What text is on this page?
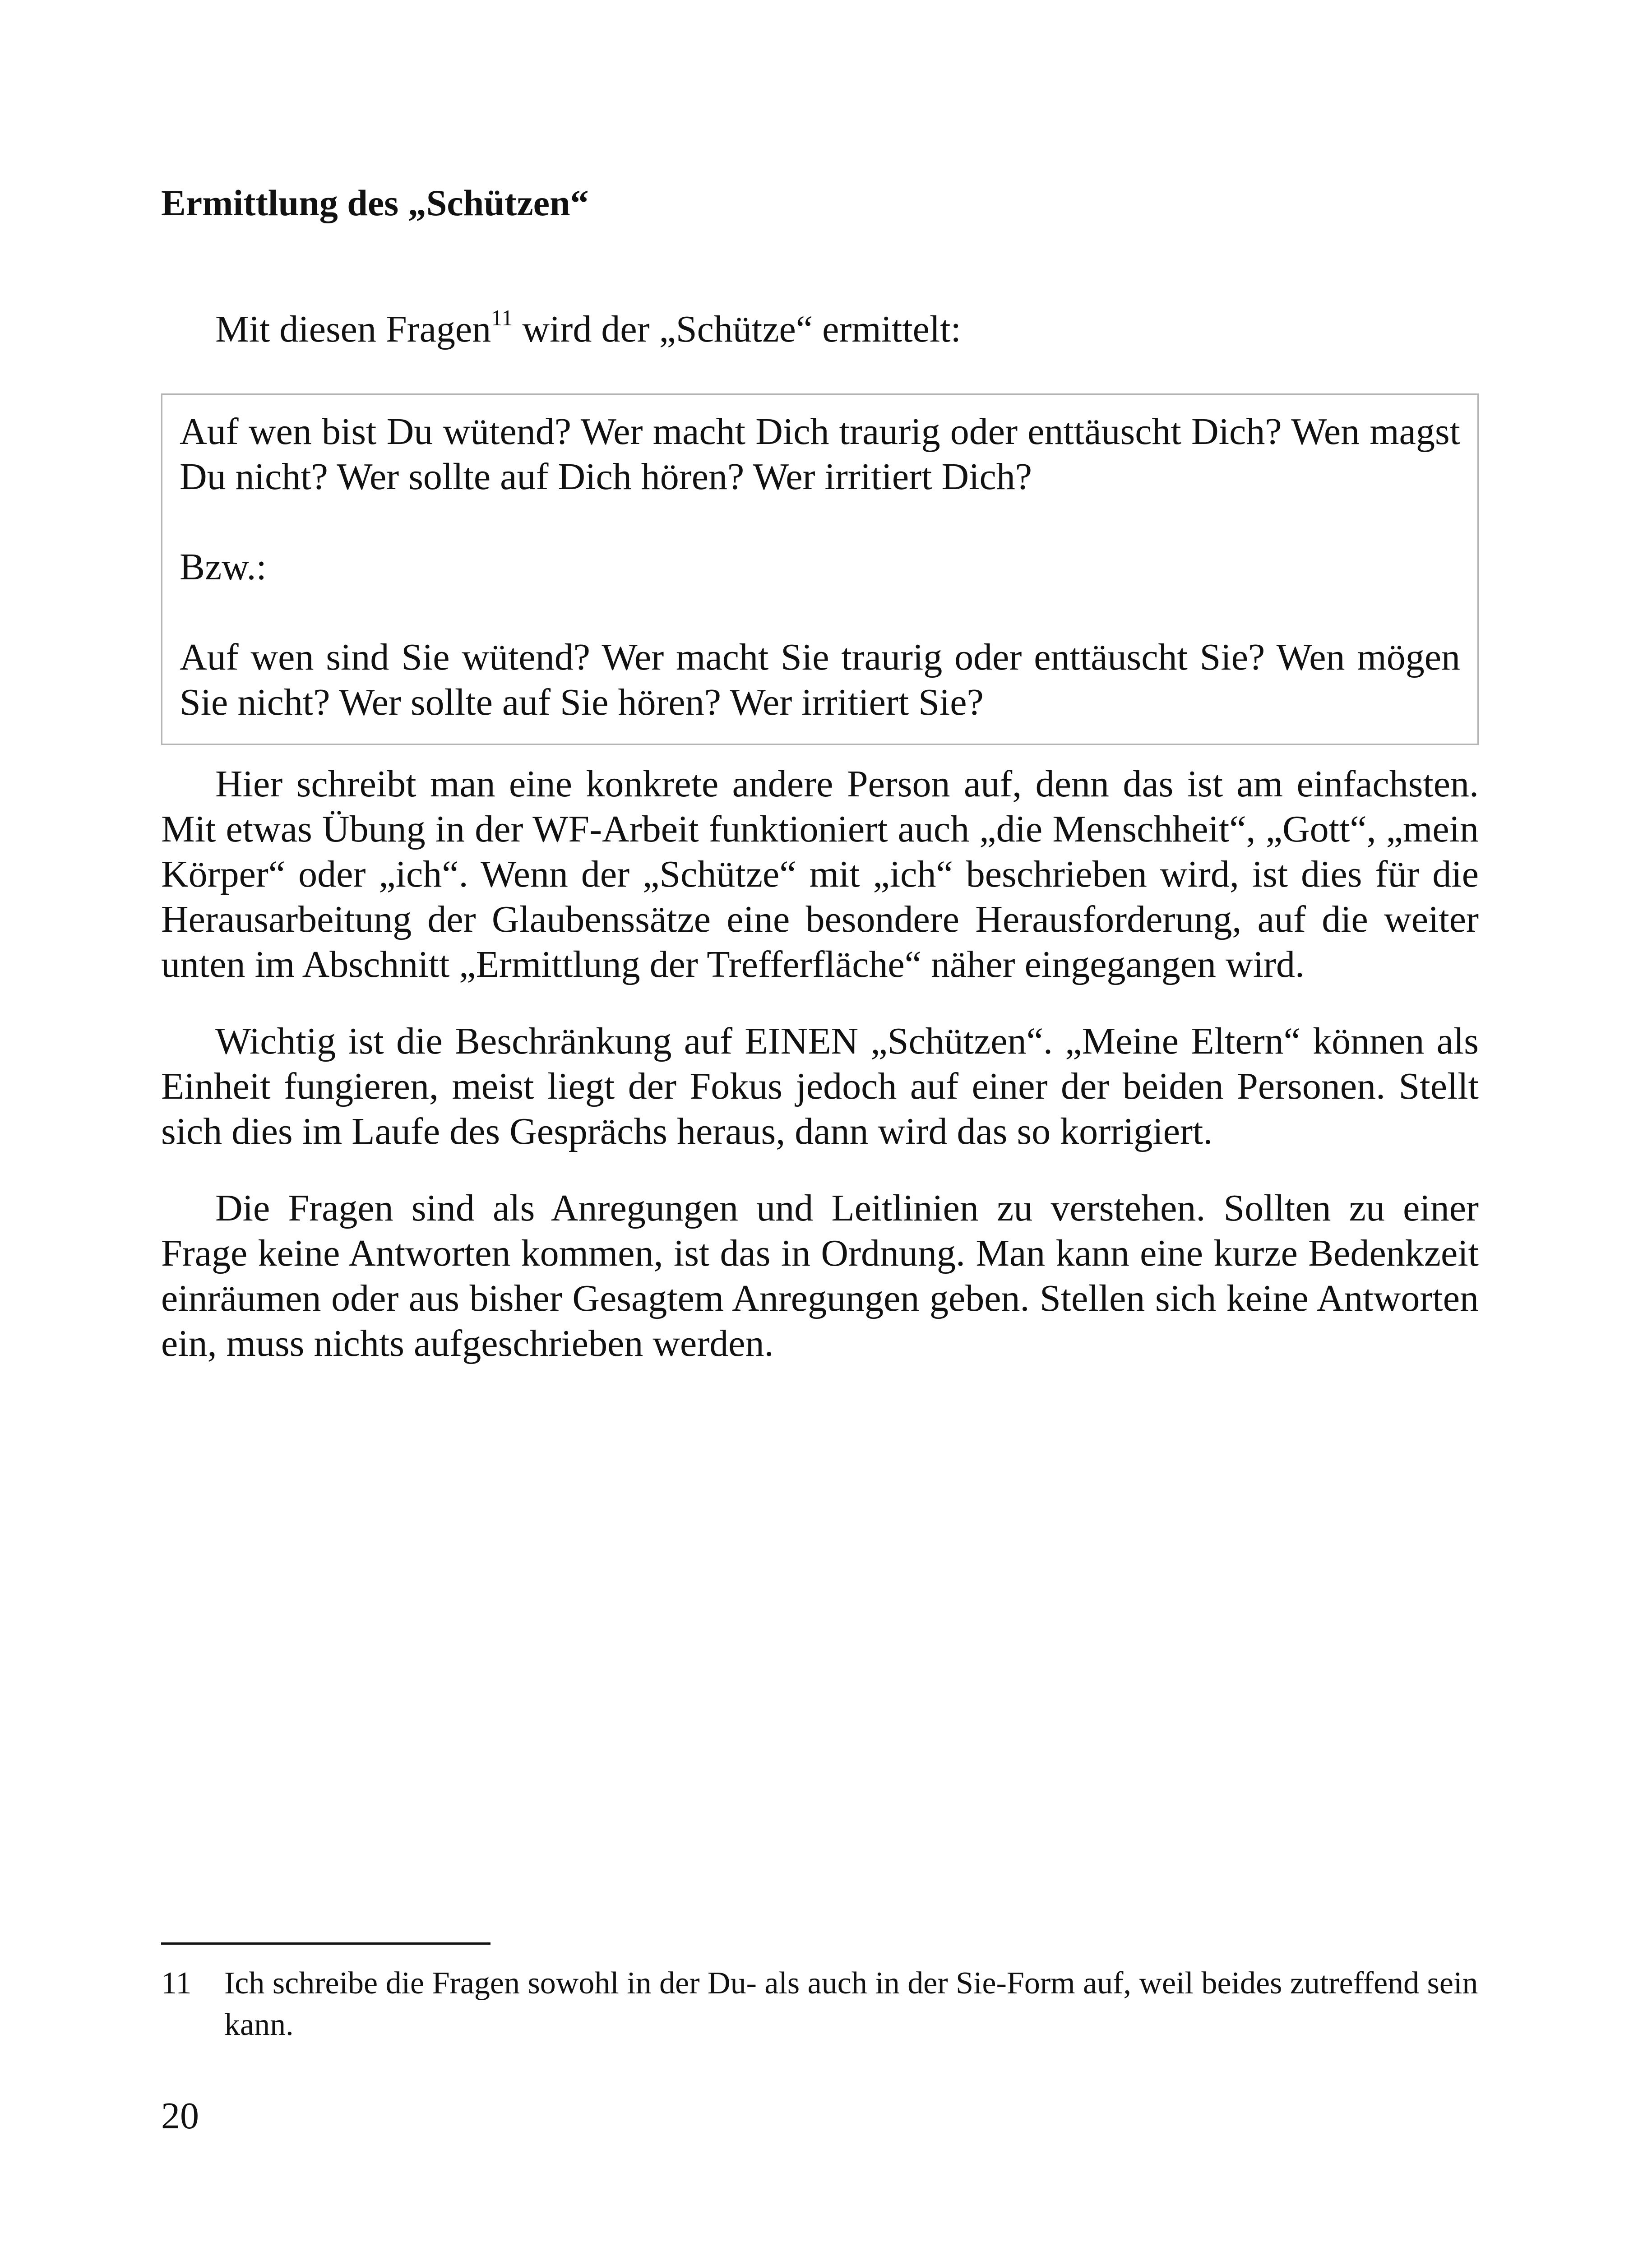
Ermittlung des „Schützen“

Mit diesen Fragen$^{11}$ wird der „Schütze“ ermittelt:

Auf wen bist Du wütend? Wer macht Dich traurig oder enttäuscht Dich? Wen magst Du nicht? Wer sollte auf Dich hören? Wer irritiert Dich?

Bzw.:

Auf wen sind Sie wütend? Wer macht Sie traurig oder enttäuscht Sie? Wen mögen Sie nicht? Wer sollte auf Sie hören? Wer irritiert Sie?

Hier schreibt man eine konkrete andere Person auf, denn das ist am einfachsten. Mit etwas Übung in der WF-Arbeit funktioniert auch „die Menschheit“, „Gott“, „mein Körper“ oder „ich“. Wenn der „Schütze“ mit „ich“ beschrieben wird, ist dies für die Herausarbeitung der Glaubenssätze eine besondere Herausforderung, auf die weiter unten im Abschnitt „Ermittlung der Trefferfläche“ näher eingegangen wird.

Wichtig ist die Beschränkung auf EINEN „Schützen“. „Meine Eltern“ können als Einheit fungieren, meist liegt der Fokus jedoch auf einer der beiden Personen. Stellt sich dies im Laufe des Gesprächs heraus, dann wird das so korrigiert.

Die Fragen sind als Anregungen und Leitlinien zu verstehen. Sollten zu einer Frage keine Antworten kommen, ist das in Ordnung. Man kann eine kurze Bedenkzeit einräumen oder aus bisher Gesagtem Anregungen geben. Stellen sich keine Antworten ein, muss nichts aufgeschrieben werden.

11 Ich schreibe die Fragen sowohl in der Du- als auch in der Sie-Form auf, weil beides zutreffend sein kann.
20
